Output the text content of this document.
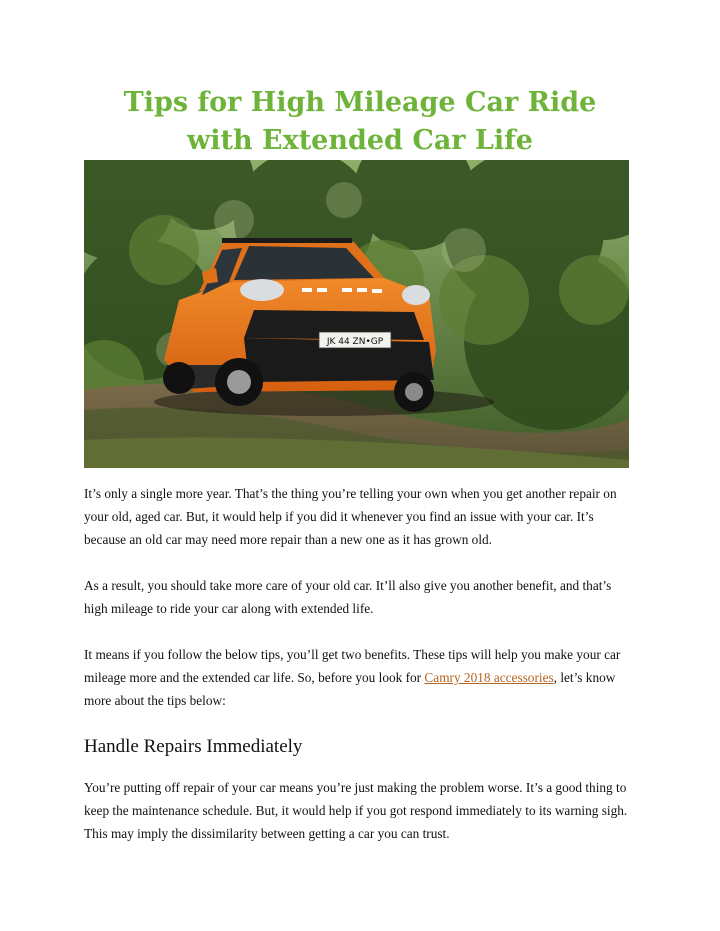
Tips for High Mileage Car Ride
with Extended Car Life
JK 44 ZN•GP

It’s only a single more year. That’s the thing you’re telling your own when you get another repair on your old, aged car. But, it would help if you did it whenever you find an issue with your car. It’s because an old car may need more repair than a new one as it has grown old.

As a result, you should take more care of your old car. It’ll also give you another benefit, and that’s high mileage to ride your car along with extended life.

It means if you follow the below tips, you’ll get two benefits. These tips will help you make your car mileage more and the extended car life. So, before you look for Camry 2018 accessories, let’s know more about the tips below:

Handle Repairs Immediately

You’re putting off repair of your car means you’re just making the problem worse. It’s a good thing to keep the maintenance schedule. But, it would help if you got respond immediately to its warning sigh. This may imply the dissimilarity between getting a car you can trust.
